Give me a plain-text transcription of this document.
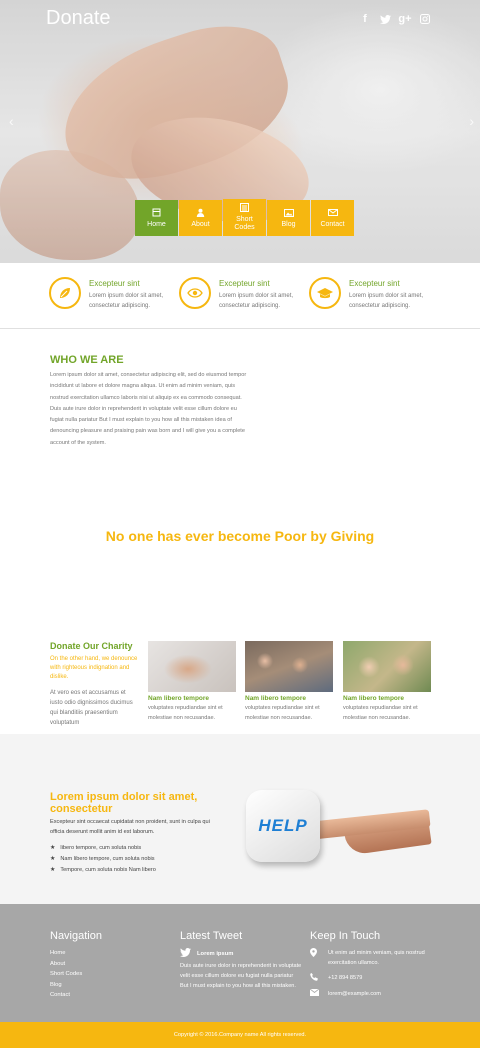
Donate	f	g+
‹	›
Home	About
Short Codes	Blog	Contact
Excepteur sint

Lorem ipsum dolor sit amet, consectetur adipiscing.

Excepteur sint

Lorem ipsum dolor sit amet, consectetur adipiscing.

Excepteur sint

Lorem ipsum dolor sit amet, consectetur adipiscing.

WHO WE ARE

Lorem ipsum dolor sit amet, consectetur adipiscing elit, sed do eiusmod tempor incididunt ut labore et dolore magna aliqua. Ut enim ad minim veniam, quis nostrud exercitation ullamco laboris nisi ut aliquip ex ea commodo consequat. Duis aute irure dolor in reprehenderit in voluptate velit esse cillum dolore eu fugiat nulla pariatur But I must explain to you how all this mistaken idea of denouncing pleasure and praising pain was born and I will give you a complete account of the system.

No one has ever become Poor by Giving
Donate Our Charity

On the other hand, we denounce with righteous indignation and dislike.

At vero eos et accusamus et iusto odio dignissimos ducimus qui blanditiis praesentium voluptatum

Nam libero tempore

voluptates repudiandae sint et molestiae non recusandae.

Nam libero tempore

voluptates repudiandae sint et molestiae non recusandae.

Nam libero tempore

voluptates repudiandae sint et molestiae non recusandae.

Lorem ipsum dolor sit amet, consectetur

Excepteur sint occaecat cupidatat non proident, sunt in culpa qui officia deserunt mollit anim id est laborum.

★ libero tempore, cum soluta nobis
★ Nam libero tempore, cum soluta nobis
★ Tempore, cum soluta nobis Nam libero
HELP
Navigation
Home
About
Short Codes
Blog
Contact
Latest Tweet
Lorem ipsum

Duis aute irure dolor in reprehenderit in voluptate velit esse cillum dolore eu fugiat nulla pariatur But I must explain to you how all this mistaken.

Keep In Touch
Ut enim ad minim veniam, quis nostrud exercitation ullamco.
+12 894 8579
lorem@example.com
Copyright © 2016.Company name All rights reserved.
